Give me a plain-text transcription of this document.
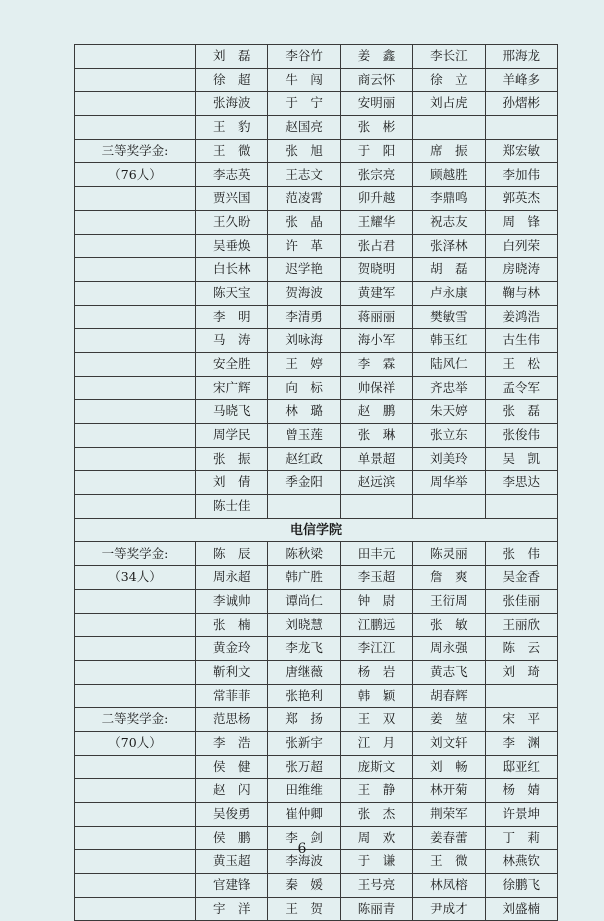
	刘　磊	李谷竹	姜　鑫	李长江	邢海龙
	徐　超	牛　闯	商云怀	徐　立	羊峰多
	张海波	于　宁	安明丽	刘占虎	孙熠彬
	王　豹	赵国亮	张　彬		
三等奖学金:	王　微	张　旭	于　阳	席　振	郑宏敏
（76人）	李志英	王志文	张宗亮	顾越胜	李加伟
	贾兴国	范凌霄	卯升越	李鼎鸣	郭英杰
	王久盼	张　晶	王耀华	祝志友	周　锋
	吴垂焕	许　革	张占君	张泽林	白列荣
	白长林	迟学艳	贺晓明	胡　磊	房晓涛
	陈天宝	贺海波	黄建军	卢永康	鞠与林
	李　明	李清勇	蒋丽丽	樊敏雪	姜鸿浩
	马　涛	刘咏海	海小军	韩玉红	古生伟
	安全胜	王　婷	李　霖	陆风仁	王　松
	宋广辉	向　标	帅保祥	齐忠举	孟令军
	马晓飞	林　璐	赵　鹏	朱天婷	张　磊
	周学民	曾玉莲	张　琳	张立东	张俊伟
	张　振	赵红政	单景超	刘美玲	吴　凯
	刘　倩	季金阳	赵远滨	周华举	李思达
	陈士佳				
电信学院					
一等奖学金:	陈　辰	陈秋梁	田丰元	陈灵丽	张　伟
（34人）	周永超	韩广胜	李玉超	詹　爽	吴金香
	李诚帅	谭尚仁	钟　尉	王衍周	张佳丽
	张　楠	刘晓慧	江鹏远	张　敏	王丽欣
	黄金玲	李龙飞	李江江	周永强	陈　云
	靳利文	唐继薇	杨　岩	黄志飞	刘　琦
	常菲菲	张艳利	韩　颖	胡春辉	
二等奖学金:	范思杨	郑　扬	王　双	姜　堃	宋　平
（70人）	李　浩	张新宇	江　月	刘文轩	李　渊
	侯　健	张万超	庞斯文	刘　畅	邸亚红
	赵　闪	田维维	王　静	林开菊	杨　婧
	吴俊勇	崔仲卿	张　杰	荆荣军	许景坤
	侯　鹏	李　剑	周　欢	姜春蕾	丁　莉
	黄玉超	李海波	于　谦	王　微	林燕钦
	官建锋	秦　媛	王号亮	林凤榕	徐鹏飞
	宇　洋	王　贺	陈丽青	尹成才	刘盛楠
6
